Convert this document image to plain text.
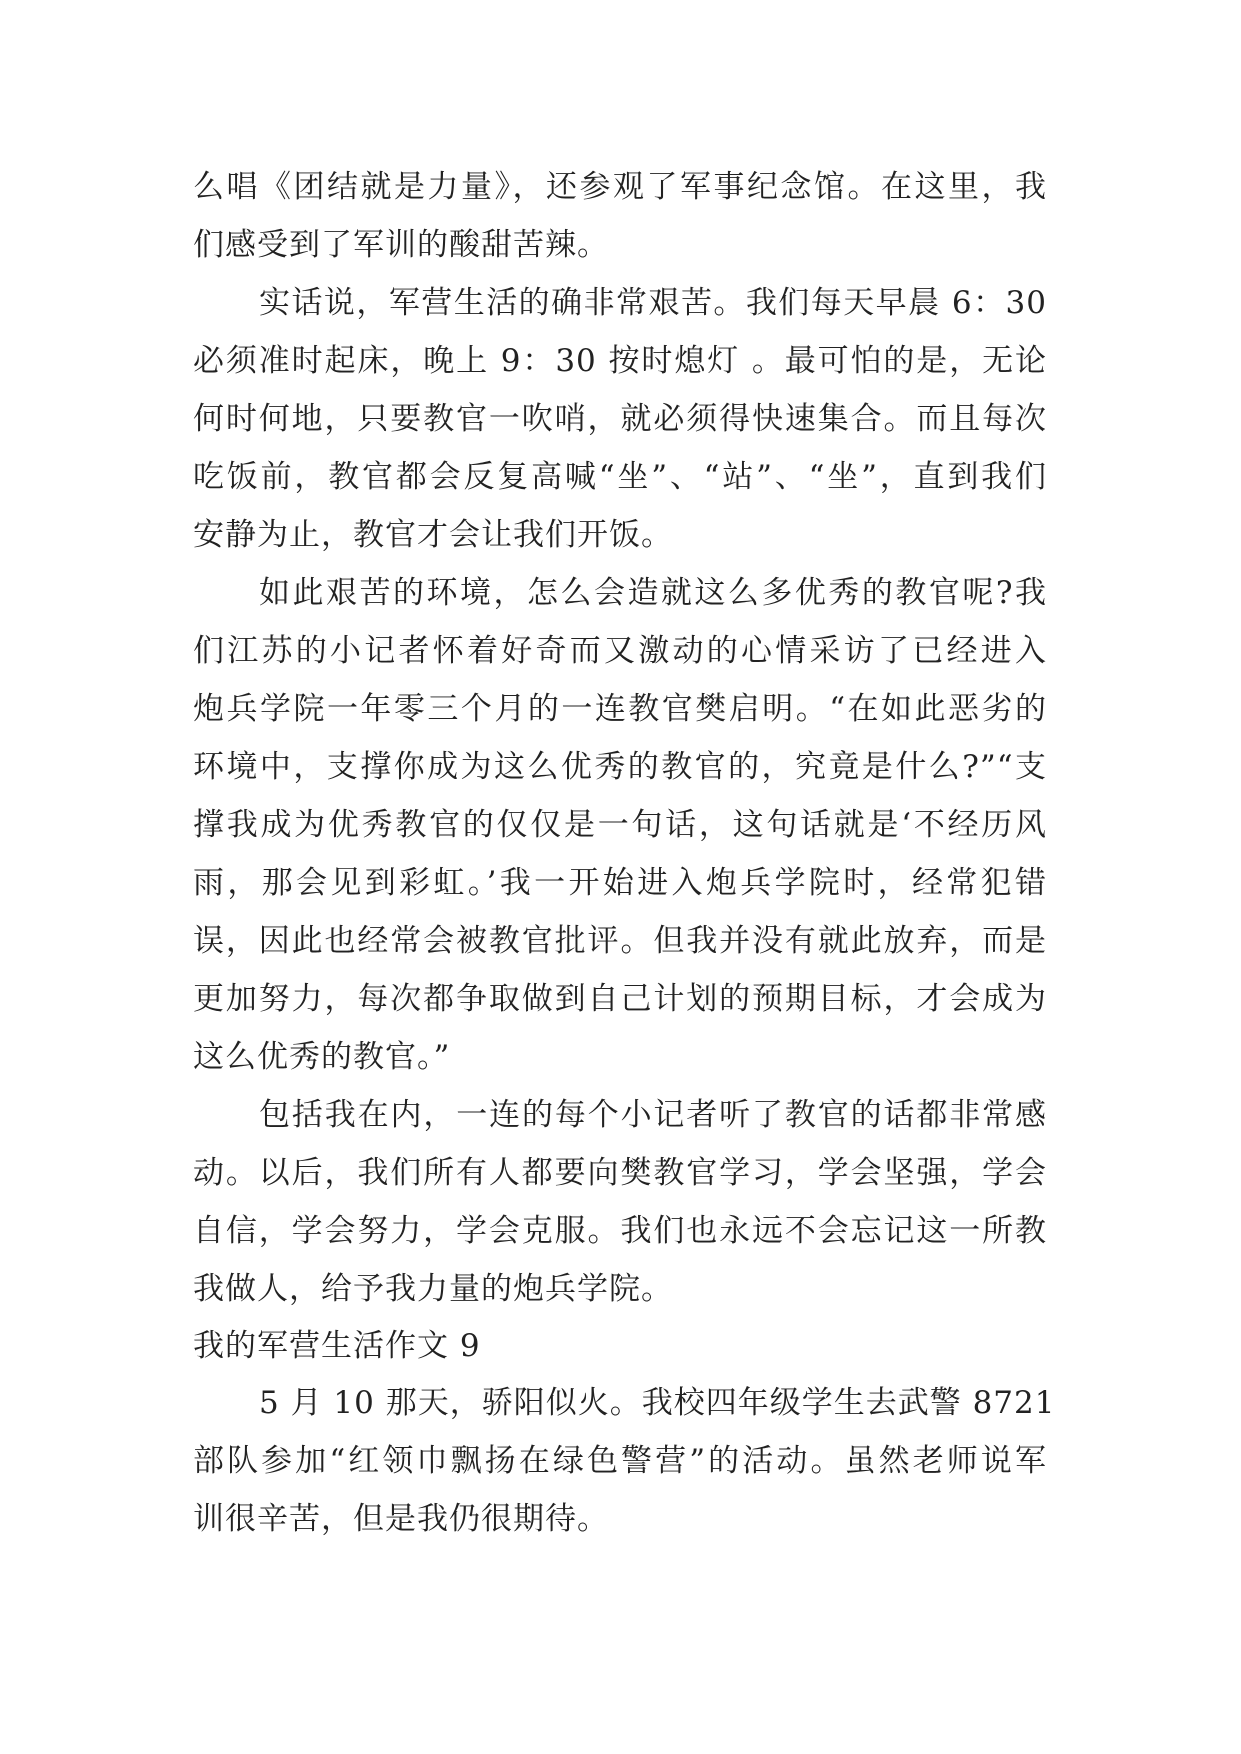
么唱《团结就是力量》，还参观了军事纪念馆。在这里，我
们感受到了军训的酸甜苦辣。
实话说，军营生活的确非常艰苦。我们每天早晨 6：30
必须准时起床，晚上 9：30 按时熄灯 。最可怕的是，无论
何时何地，只要教官一吹哨，就必须得快速集合。而且每次
吃饭前，教官都会反复高喊“坐”、“站”、“坐”，直到我们
安静为止，教官才会让我们开饭。
如此艰苦的环境，怎么会造就这么多优秀的教官呢?我
们江苏的小记者怀着好奇而又激动的心情采访了已经进入
炮兵学院一年零三个月的一连教官樊启明。“在如此恶劣的
环境中，支撑你成为这么优秀的教官的，究竟是什么?”“支
撑我成为优秀教官的仅仅是一句话，这句话就是‘不经历风
雨，那会见到彩虹。’我一开始进入炮兵学院时，经常犯错
误，因此也经常会被教官批评。但我并没有就此放弃，而是
更加努力，每次都争取做到自己计划的预期目标，才会成为
这么优秀的教官。”
包括我在内，一连的每个小记者听了教官的话都非常感
动。以后，我们所有人都要向樊教官学习，学会坚强，学会
自信，学会努力，学会克服。我们也永远不会忘记这一所教
我做人，给予我力量的炮兵学院。
我的军营生活作文 9
5 月 10 那天，骄阳似火。我校四年级学生去武警 8721
部队参加“红领巾飘扬在绿色警营”的活动。虽然老师说军
训很辛苦，但是我仍很期待。
